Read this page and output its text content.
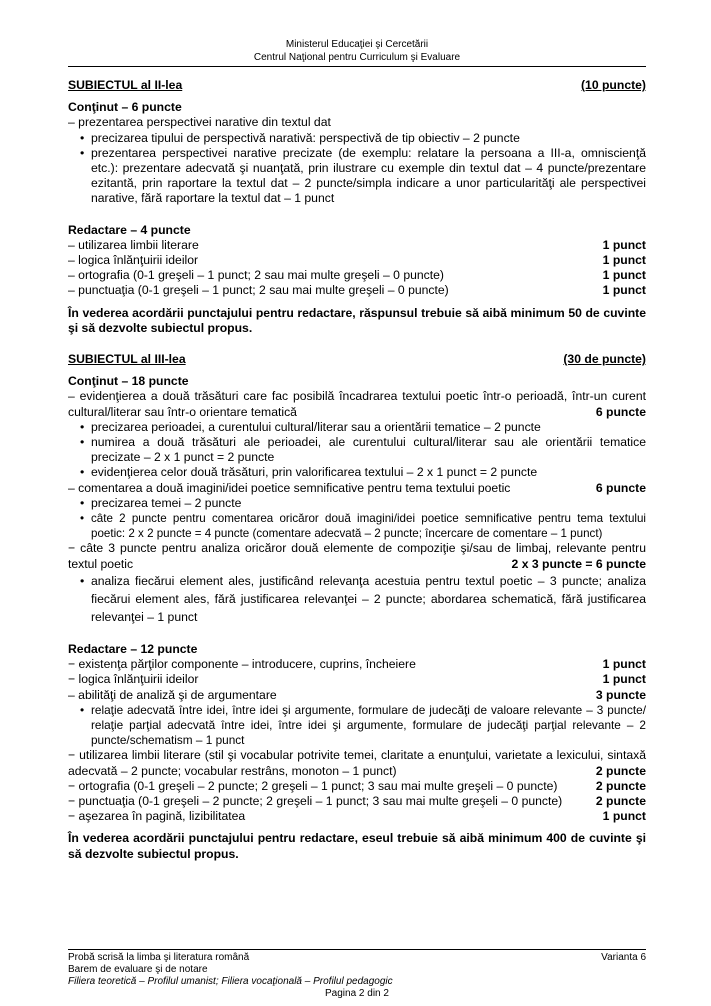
Ministerul Educaţiei şi Cercetării
Centrul Naţional pentru Curriculum şi Evaluare
SUBIECTUL al II-lea	(10 puncte)
Conţinut – 6 puncte
– prezentarea perspectivei narative din textul dat
• precizarea tipului de perspectivă narativă: perspectivă de tip obiectiv – 2 puncte
• prezentarea perspectivei narative precizate (de exemplu: relatare la persoana a III-a, omniscienţă etc.): prezentare adecvată şi nuanţată, prin ilustrare cu exemple din textul dat – 4 puncte/prezentare ezitantă, prin raportare la textul dat – 2 puncte/simpla indicare a unor particularităţi ale perspectivei narative, fără raportare la textul dat – 1 punct
Redactare – 4 puncte
– utilizarea limbii literare	1 punct
– logica înlănţuirii ideilor	1 punct
– ortografia (0-1 greşeli – 1 punct; 2 sau mai multe greşeli – 0 puncte)	1 punct
– punctuaţia (0-1 greşeli – 1 punct; 2 sau mai multe greşeli – 0 puncte)	1 punct
În vederea acordării punctajului pentru redactare, răspunsul trebuie să aibă minimum 50 de cuvinte şi să dezvolte subiectul propus.
SUBIECTUL al III-lea	(30 de puncte)
Conţinut – 18 puncte
– evidenţierea a două trăsături care fac posibilă încadrarea textului poetic într-o perioadă, într-un curent cultural/literar sau într-o orientare tematică	6 puncte
• precizarea perioadei, a curentului cultural/literar sau a orientării tematice – 2 puncte
• numirea a două trăsături ale perioadei, ale curentului cultural/literar sau ale orientării tematice precizate – 2 x 1 punct = 2 puncte
• evidenţierea celor două trăsături, prin valorificarea textului – 2 x 1 punct = 2 puncte
– comentarea a două imagini/idei poetice semnificative pentru tema textului poetic	6 puncte
• precizarea temei – 2 puncte
• câte 2 puncte pentru comentarea oricăror două imagini/idei poetice semnificative pentru tema textului poetic: 2 x 2 puncte = 4 puncte (comentare adecvată – 2 puncte; încercare de comentare – 1 punct)
− câte 3 puncte pentru analiza oricăror două elemente de compoziţie şi/sau de limbaj, relevante pentru textul poetic	2 x 3 puncte = 6 puncte
• analiza fiecărui element ales, justificând relevanţa acestuia pentru textul poetic – 3 puncte; analiza fiecărui element ales, fără justificarea relevanţei – 2 puncte; abordarea schematică, fără justificarea relevanţei – 1 punct
Redactare – 12 puncte
− existenţa părţilor componente – introducere, cuprins, încheiere	1 punct
− logica înlănţuirii ideilor	1 punct
– abilităţi de analiză şi de argumentare	3 puncte
• relaţie adecvată între idei, între idei şi argumente, formulare de judecăţi de valoare relevante – 3 puncte/ relaţie parţial adecvată între idei, între idei şi argumente, formulare de judecăţi parţial relevante – 2 puncte/schematism – 1 punct
− utilizarea limbii literare (stil şi vocabular potrivite temei, claritate a enunţului, varietate a lexicului, sintaxă adecvată – 2 puncte; vocabular restrâns, monoton – 1 punct)	2 puncte
− ortografia (0-1 greşeli – 2 puncte; 2 greşeli – 1 punct; 3 sau mai multe greşeli – 0 puncte)	2 puncte
− punctuaţia (0-1 greşeli – 2 puncte; 2 greşeli – 1 punct; 3 sau mai multe greşeli – 0 puncte)	2 puncte
− aşezarea în pagină, lizibilitatea	1 punct
În vederea acordării punctajului pentru redactare, eseul trebuie să aibă minimum 400 de cuvinte şi să dezvolte subiectul propus.
Probă scrisă la limba şi literatura română	Varianta 6
Barem de evaluare şi de notare
Filiera teoretică – Profilul umanist; Filiera vocaţională – Profilul pedagogic
Pagina 2 din 2
